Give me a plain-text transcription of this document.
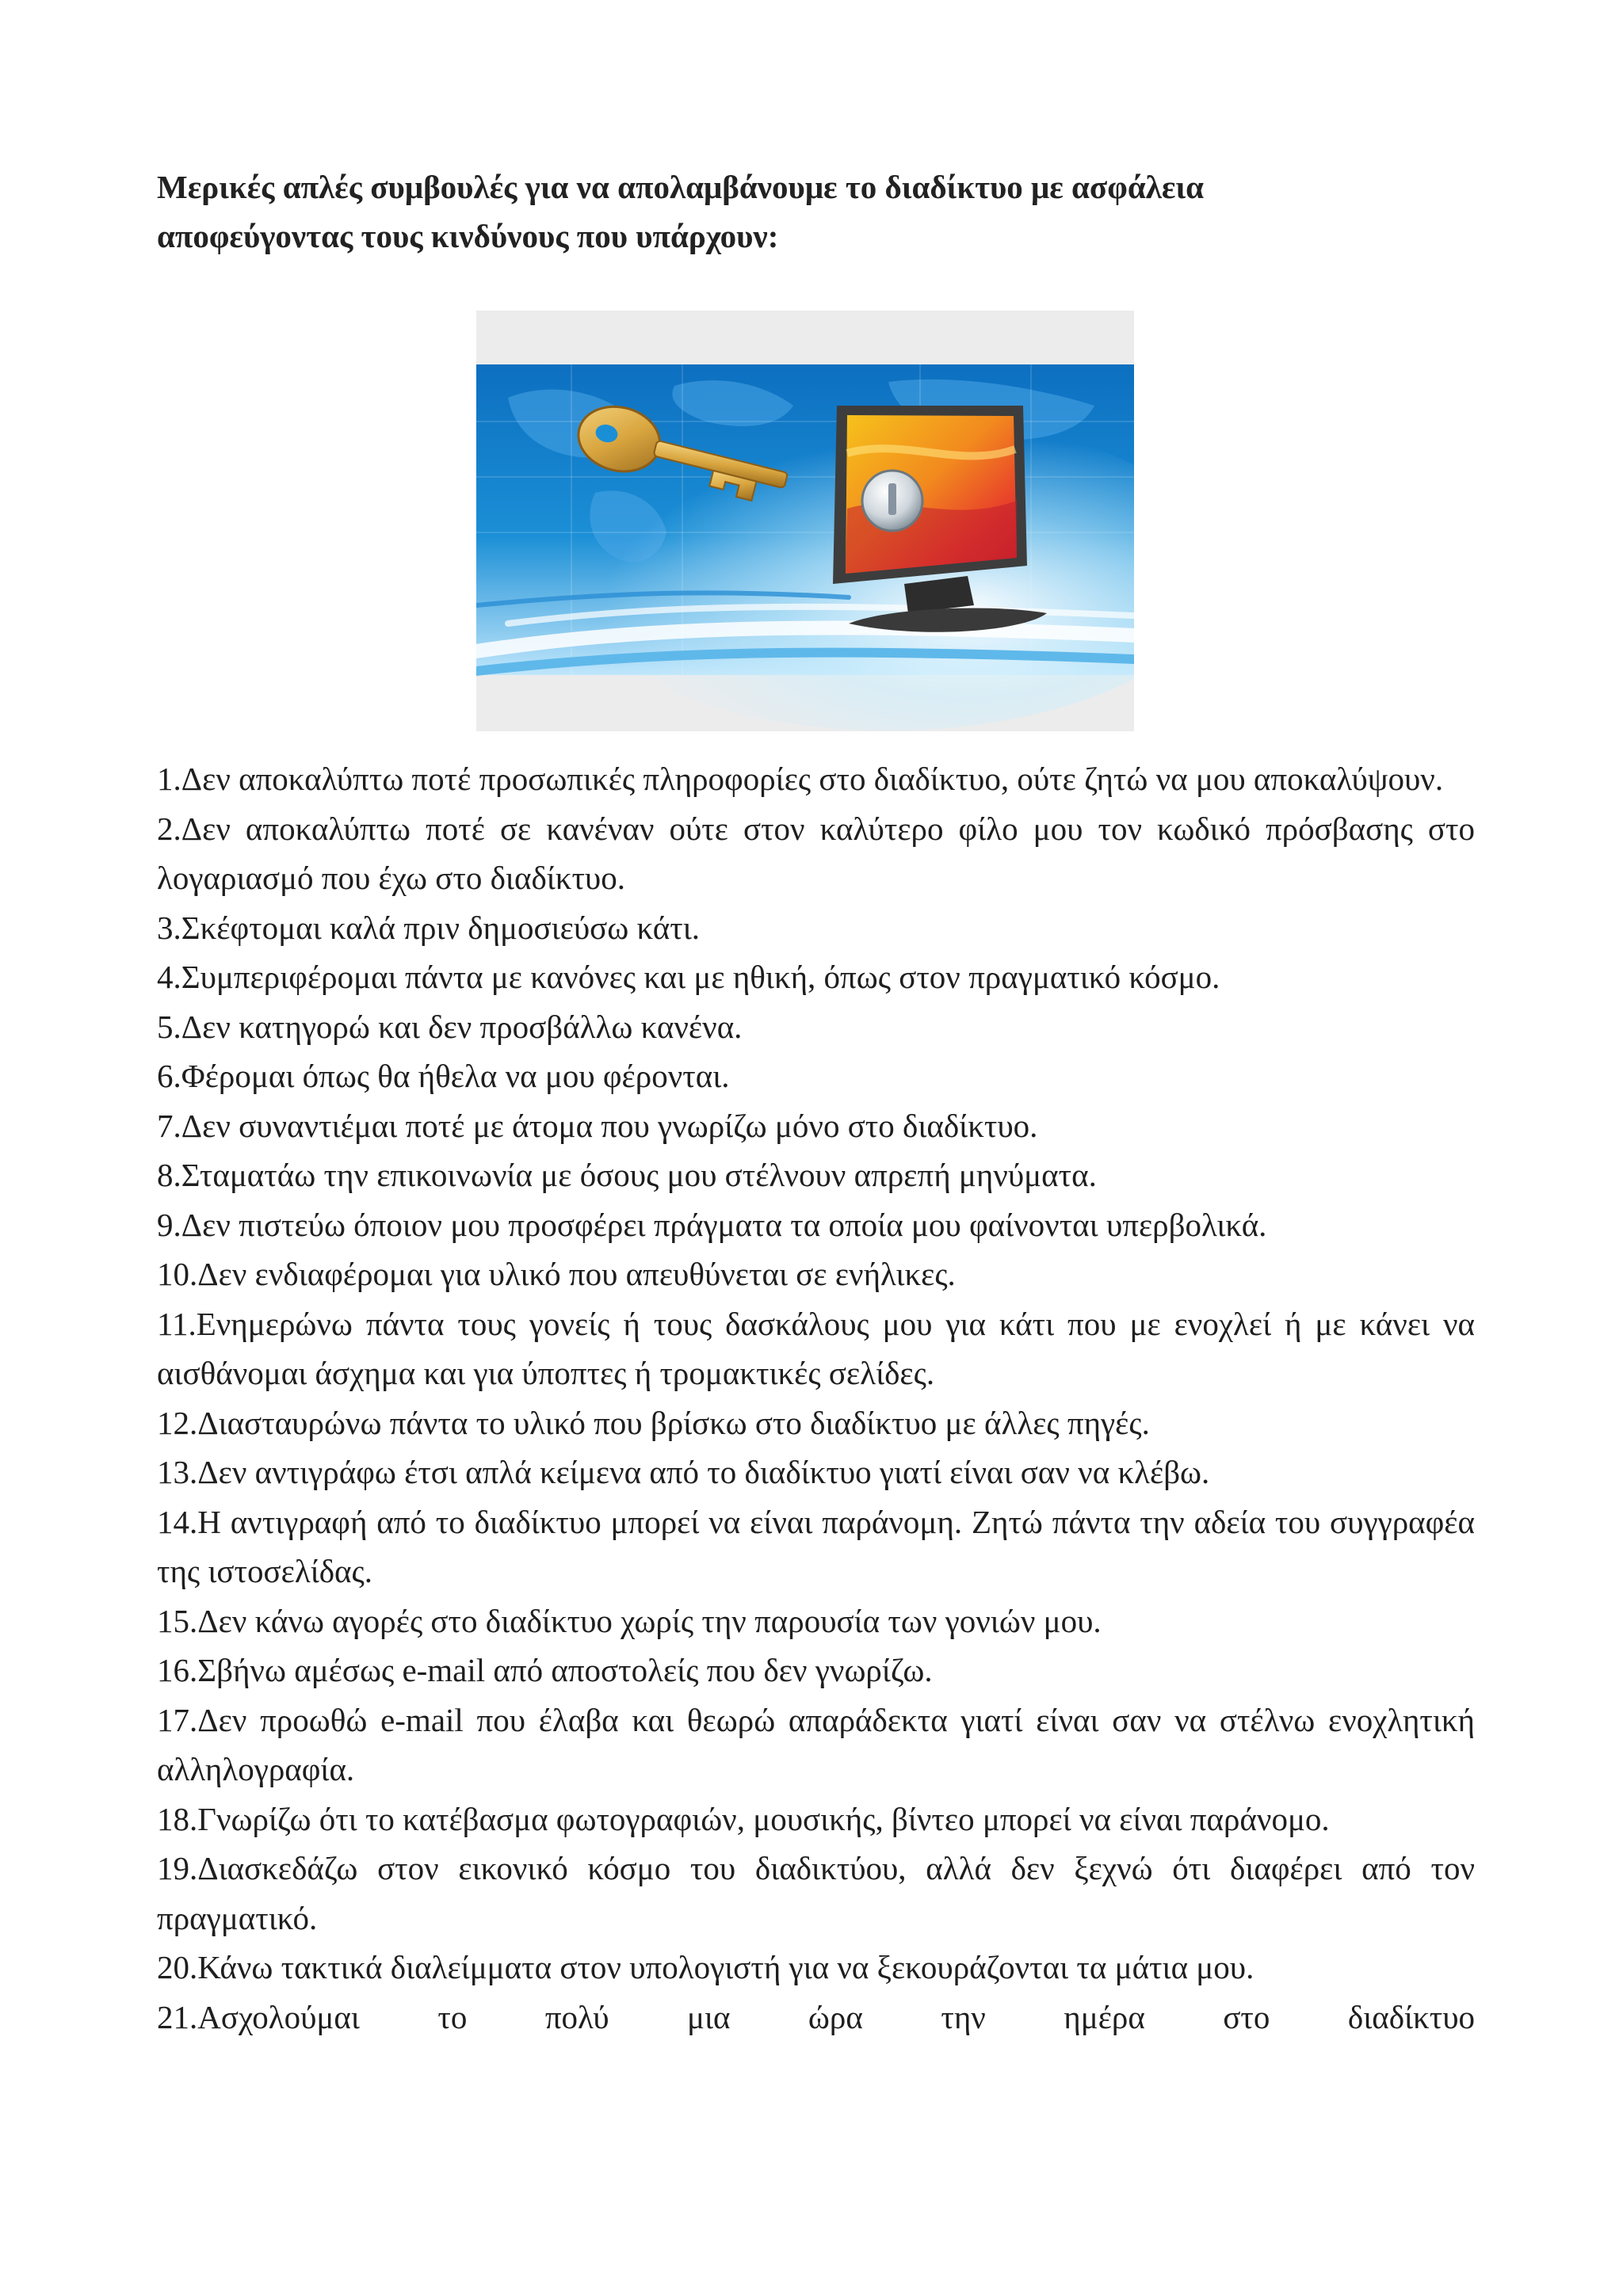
Μερικές απλές συμβουλές για να απολαμβάνουμε το διαδίκτυο με ασφάλεια
αποφεύγοντας τους κινδύνους που υπάρχουν:

1.Δεν αποκαλύπτω ποτέ προσωπικές πληροφορίες στο διαδίκτυο, ούτε ζητώ να μου αποκαλύψουν.

2.Δεν αποκαλύπτω ποτέ σε κανέναν ούτε στον καλύτερο φίλο μου τον κωδικό πρόσβασης στο λογαριασμό που έχω στο διαδίκτυο.

3.Σκέφτομαι καλά πριν δημοσιεύσω κάτι.

4.Συμπεριφέρομαι πάντα με κανόνες και με ηθική, όπως στον πραγματικό κόσμο.

5.Δεν κατηγορώ και δεν προσβάλλω κανένα.

6.Φέρομαι όπως θα ήθελα να μου φέρονται.

7.Δεν συναντιέμαι ποτέ με άτομα που γνωρίζω μόνο στο διαδίκτυο.

8.Σταματάω την επικοινωνία με όσους μου στέλνουν απρεπή μηνύματα.

9.Δεν πιστεύω όποιον μου προσφέρει πράγματα τα οποία μου φαίνονται υπερβολικά.

10.Δεν ενδιαφέρομαι για υλικό που απευθύνεται σε ενήλικες.

11.Ενημερώνω πάντα τους γονείς ή τους δασκάλους μου για κάτι που με ενοχλεί ή με κάνει να αισθάνομαι άσχημα και για ύποπτες ή τρομακτικές σελίδες.

12.Διασταυρώνω πάντα το υλικό που βρίσκω στο διαδίκτυο με άλλες πηγές.

13.Δεν αντιγράφω έτσι απλά κείμενα από το διαδίκτυο γιατί είναι σαν να κλέβω.

14.Η αντιγραφή από το διαδίκτυο μπορεί να είναι παράνομη. Ζητώ πάντα την αδεία του συγγραφέα της ιστοσελίδας.

15.Δεν κάνω αγορές στο διαδίκτυο χωρίς την παρουσία των γονιών μου.

16.Σβήνω αμέσως e-mail από αποστολείς που δεν γνωρίζω.

17.Δεν προωθώ e-mail που έλαβα και θεωρώ απαράδεκτα γιατί είναι σαν να στέλνω ενοχλητική αλληλογραφία.

18.Γνωρίζω ότι το κατέβασμα φωτογραφιών, μουσικής, βίντεο μπορεί να είναι παράνομο.

19.Διασκεδάζω στον εικονικό κόσμο του διαδικτύου, αλλά δεν ξεχνώ ότι διαφέρει από τον πραγματικό.

20.Κάνω τακτικά διαλείμματα στον υπολογιστή για να ξεκουράζονται τα μάτια μου.

21.Ασχολούμαι το πολύ μια ώρα την ημέρα στο διαδίκτυο
